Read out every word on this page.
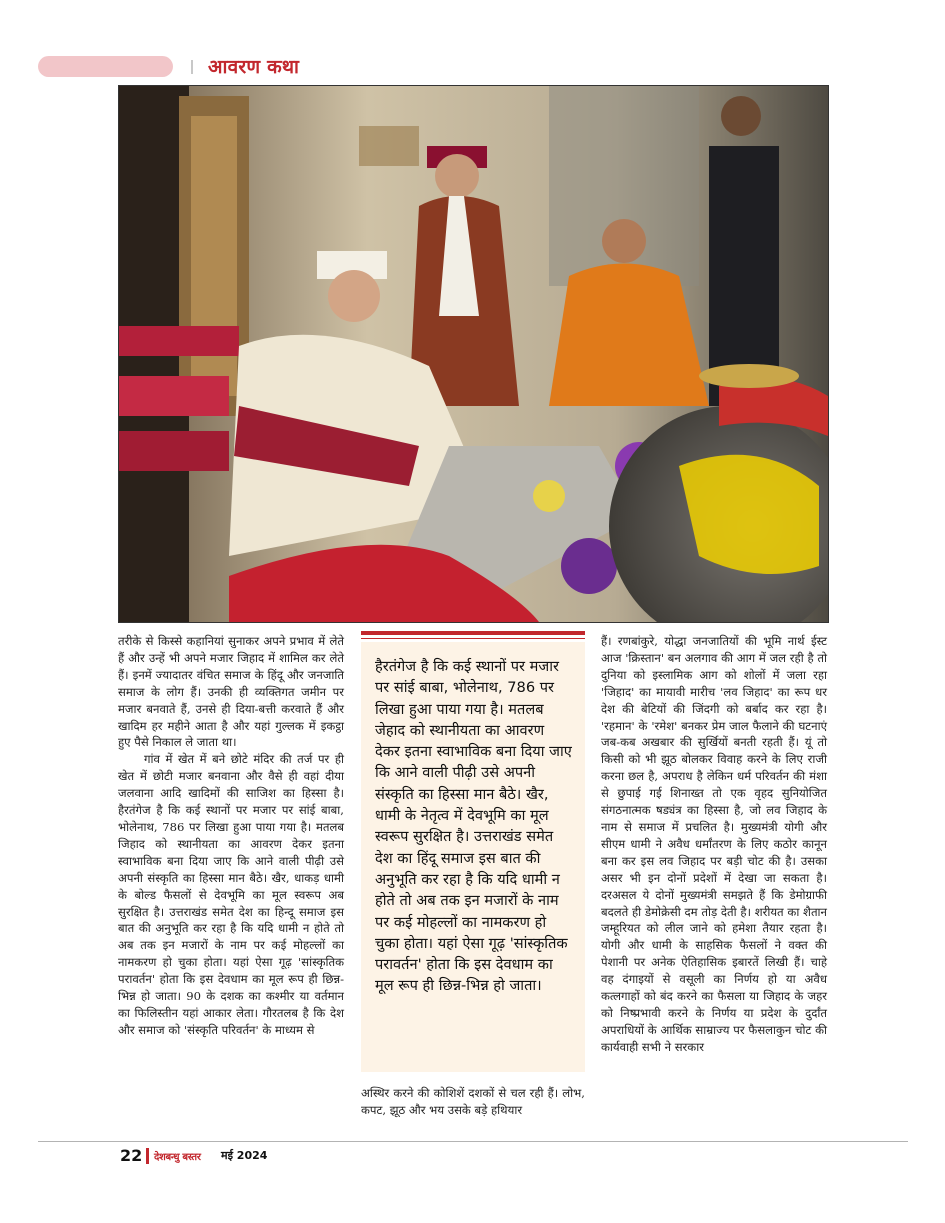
आवरण कथा

तरीके से किस्से कहानियां सुनाकर अपने प्रभाव में लेते हैं और उन्हें भी अपने मजार जिहाद में शामिल कर लेते हैं। इनमें ज्यादातर वंचित समाज के हिंदू और जनजाति समाज के लोग हैं। उनकी ही व्यक्तिगत जमीन पर मजार बनवाते हैं, उनसे ही दिया-बत्ती करवाते हैं और खादिम हर महीने आता है और यहां गुल्लक में इकट्ठा हुए पैसे निकाल ले जाता था।

गांव में खेत में बने छोटे मंदिर की तर्ज पर ही खेत में छोटी मजार बनवाना और वैसे ही वहां दीया जलवाना आदि खादिमों की साजिश का हिस्सा है। हैरतंगेज है कि कई स्थानों पर मजार पर सांई बाबा, भोलेनाथ, 786 पर लिखा हुआ पाया गया है। मतलब जिहाद को स्थानीयता का आवरण देकर इतना स्वाभाविक बना दिया जाए कि आने वाली पीढ़ी उसे अपनी संस्कृति का हिस्सा मान बैठे। खैर, धाकड़ धामी के बोल्ड फैसलों से देवभूमि का मूल स्वरूप अब सुरक्षित है। उत्तराखंड समेत देश का हिन्दू समाज इस बात की अनुभूति कर रहा है कि यदि धामी न होते तो अब तक इन मजारों के नाम पर कई मोहल्लों का नामकरण हो चुका होता। यहां ऐसा गूढ़ 'सांस्कृतिक परावर्तन' होता कि इस देवधाम का मूल रूप ही छिन्न-भिन्न हो जाता। 90 के दशक का कश्मीर या वर्तमान का फिलिस्तीन यहां आकार लेता। गौरतलब है कि देश और समाज को 'संस्कृति परिवर्तन' के माध्यम से

हैरतंगेज है कि कई स्थानों पर मजार पर सांई बाबा, भोलेनाथ, 786 पर लिखा हुआ पाया गया है। मतलब जेहाद को स्थानीयता का आवरण देकर इतना स्वाभाविक बना दिया जाए कि आने वाली पीढ़ी उसे अपनी संस्कृति का हिस्सा मान बैठे। खैर, धामी के नेतृत्व में देवभूमि का मूल स्वरूप सुरक्षित है। उत्तराखंड समेत देश का हिंदू समाज इस बात की अनुभूति कर रहा है कि यदि धामी न होते तो अब तक इन मजारों के नाम पर कई मोहल्लों का नामकरण हो चुका होता। यहां ऐसा गूढ़ 'सांस्कृतिक परावर्तन' होता कि इस देवधाम का मूल रूप ही छिन्न-भिन्न हो जाता।

अस्थिर करने की कोशिशें दशकों से चल रही हैं। लोभ, कपट, झूठ और भय उसके बड़े हथियार

हैं। रणबांकुरे, योद्धा जनजातियों की भूमि नार्थ ईस्ट आज 'क्रिस्तान' बन अलगाव की आग में जल रही है तो दुनिया को इस्लामिक आग को शोलों में जला रहा 'जिहाद' का मायावी मारीच 'लव जिहाद' का रूप धर देश की बेटियों की जिंदगी को बर्बाद कर रहा है। 'रहमान' के 'रमेश' बनकर प्रेम जाल फैलाने की घटनाएं जब-कब अखबार की सुर्खियों बनती रहती हैं। यूं तो किसी को भी झूठ बोलकर विवाह करने के लिए राजी करना छल है, अपराध है लेकिन धर्म परिवर्तन की मंशा से छुपाई गई शिनाख्त तो एक वृहद सुनियोजित संगठनात्मक षड्यंत्र का हिस्सा है, जो लव जिहाद के नाम से समाज में प्रचलित है। मुख्यमंत्री योगी और सीएम धामी ने अवैध धर्मांतरण के लिए कठोर कानून बना कर इस लव जिहाद पर बड़ी चोट की है। उसका असर भी इन दोनों प्रदेशों में देखा जा सकता है। दरअसल ये दोनों मुख्यमंत्री समझते हैं कि डेमोग्राफी बदलते ही डेमोक्रेसी दम तोड़ देती है। शरीयत का शैतान जम्हूरियत को लील जाने को हमेशा तैयार रहता है। योगी और धामी के साहसिक फैसलों ने वक्त की पेशानी पर अनेक ऐतिहासिक इबारतें लिखी हैं। चाहे वह दंगाइयों से वसूली का निर्णय हो या अवैध कत्लगाहों को बंद करने का फैसला या जिहाद के जहर को निष्प्रभावी करने के निर्णय या प्रदेश के दुर्दांत अपराधियों के आर्थिक साम्राज्य पर फैसलाकुन चोट की कार्यवाही सभी ने सरकार

22 देशबन्धु बस्तर मई 2024
